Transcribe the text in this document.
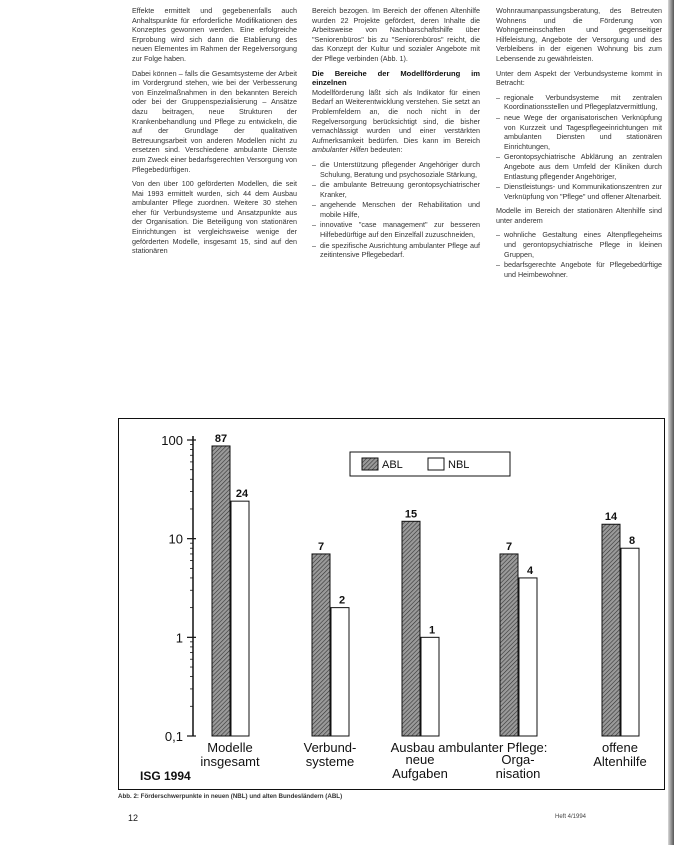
Effekte ermittelt und gegebenenfalls auch Anhaltspunkte für erforderliche Modifikationen des Konzeptes gewonnen werden. Eine erfolgreiche Erprobung wird sich dann die Etablierung des neuen Elementes im Rahmen der Regelversorgung zur Folge haben.

Dabei können – falls die Gesamtsysteme der Arbeit im Vordergrund stehen, wie bei der Verbesserung von Einzelmaßnahmen in den bekannten Bereich oder bei der Gruppenspezialisierung – Ansätze dazu beitragen, neue Strukturen der Krankenbehandlung und Pflege zu entwickeln, die auf der Grundlage der qualitativen Betreuungsarbeit von anderen Modellen nicht zu ersetzen sind. Verschiedene ambulante Dienste zum Zweck einer bedarfsgerechten Versorgung von Pflegebedürftigen.

Von den über 100 geförderten Modellen, die seit Mai 1993 ermittelt wurden, sich 44 dem Ausbau ambulanter Pflege zuordnen. Weitere 30 stehen eher für Verbundsysteme und Ansatzpunkte aus der Organisation. Die Beteiligung von stationären Einrichtungen ist vergleichsweise wenige der geförderten Modelle, insgesamt 15, sind auf den stationären

Bereich bezogen. Im Bereich der offenen Altenhilfe wurden 22 Projekte gefördert, deren Inhalte die Arbeitsweise von Nachbarschaftshilfe über "Seniorenbüros" bis zu "Seniorenbüros" reicht, die das Konzept der Kultur und sozialer Angebote mit der Pflege verbinden (Abb. 1).

Die Bereiche der Modellförderung im einzelnen

Modellförderung läßt sich als Indikator für einen Bedarf an Weiterentwicklung verstehen. Sie setzt an Problemfeldern an, die noch nicht in der Regelversorgung berücksichtigt sind, die bisher vernachlässigt wurden und einer verstärkten Aufmerksamkeit bedürfen. Dies kann im Bereich ambulanter Hilfen bedeuten:

– die Unterstützung pflegender Angehöriger durch Schulung, Beratung und psychosoziale Stärkung,
– die ambulante Betreuung gerontopsychiatrischer Kranker,
– angehende Menschen der Rehabilitation und mobile Hilfe,
– innovative "case management" zur besseren Hilfebedürftige auf den Einzelfall zuzuschneiden,
– die spezifische Ausrichtung ambulanter Pflege auf zeitintensive Pflegebedarf.

Wohnraumanpassungsberatung, des Betreuten Wohnens und die Förderung von Wohngemeinschaften und gegenseitiger Hilfeleistung, Angebote der Versorgung und des Verbleibens in der eigenen Wohnung bis zum Lebensende zu gewährleisten.

Unter dem Aspekt der Verbundsysteme kommt in Betracht:

– regionale Verbundsysteme mit zentralen Koordinationsstellen und Pflegeplatzvermittlung,
– neue Wege der organisatorischen Verknüpfung von Kurzzeit und Tagespflegeeinrichtungen mit ambulanten Diensten und stationären Einrichtungen,
– Gerontopsychiatrische Abklärung an zentralen Angebote aus dem Umfeld der Kliniken durch Entlastung pflegender Angehöriger,
– Dienstleistungs- und Kommunikationszentren zur Verknüpfung von "Pflege" und offener Altenarbeit.

Modelle im Bereich der stationären Altenhilfe sind unter anderem

– wohnliche Gestaltung eines Altenpflegeheims und gerontopsychiatrische Pflege in kleinen Gruppen,
– bedarfsgerechte Angebote für Pflegebedürftige und Heimbewohner.
100
10
1
0,1
87
7
15
7
14
24
2
1
4
8
Modelle
insgesamt
Verbund-
systeme	neue
Aufgaben
Orga-
nisation
offene
Altenhilfe
Ausbau ambulanter Pflege:
ISG 1994
ABL	NBL
Abb. 2: Förderschwerpunkte in neuen (NBL) und alten Bundesländern (ABL)
12	Heft 4/1994
